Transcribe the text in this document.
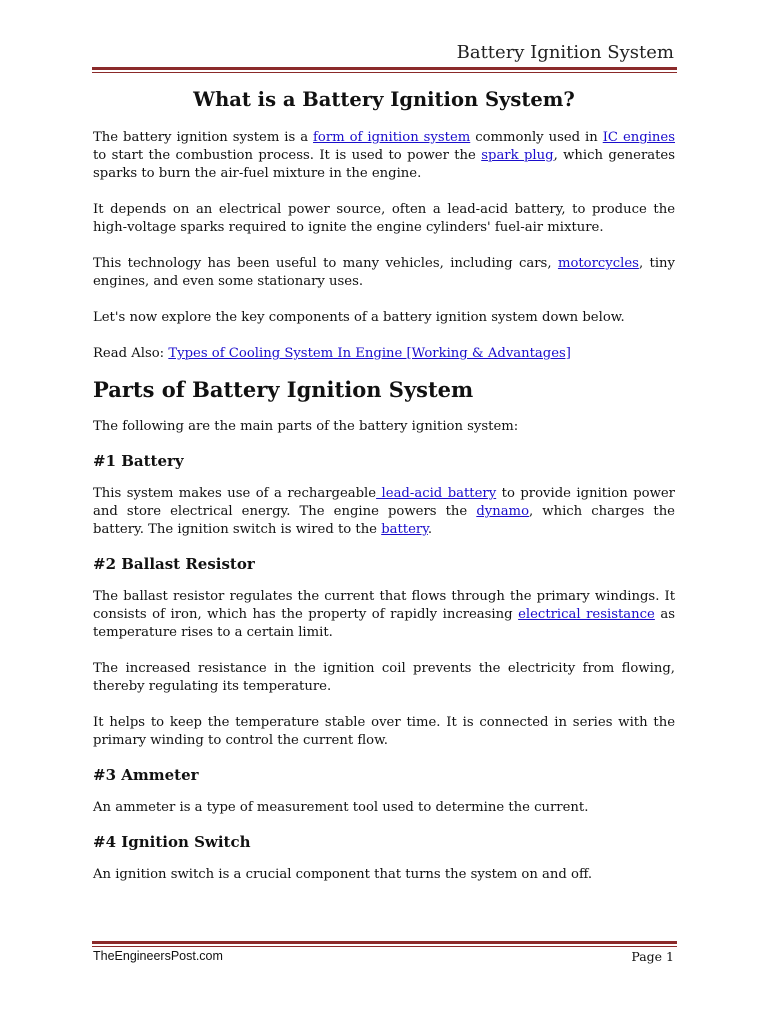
Battery Ignition System
What is a Battery Ignition System?

The battery ignition system is a form of ignition system commonly used in IC engines to start the combustion process. It is used to power the spark plug, which generates sparks to burn the air-fuel mixture in the engine.

It depends on an electrical power source, often a lead-acid battery, to produce the high-voltage sparks required to ignite the engine cylinders' fuel-air mixture.

This technology has been useful to many vehicles, including cars, motorcycles, tiny engines, and even some stationary uses.

Let's now explore the key components of a battery ignition system down below.

Read Also: Types of Cooling System In Engine [Working & Advantages]

Parts of Battery Ignition System

The following are the main parts of the battery ignition system:

#1 Battery

This system makes use of a rechargeable lead-acid battery to provide ignition power and store electrical energy. The engine powers the dynamo, which charges the battery. The ignition switch is wired to the battery.

#2 Ballast Resistor

The ballast resistor regulates the current that flows through the primary windings. It consists of iron, which has the property of rapidly increasing electrical resistance as temperature rises to a certain limit.

The increased resistance in the ignition coil prevents the electricity from flowing, thereby regulating its temperature.

It helps to keep the temperature stable over time. It is connected in series with the primary winding to control the current flow.

#3 Ammeter

An ammeter is a type of measurement tool used to determine the current.

#4 Ignition Switch

An ignition switch is a crucial component that turns the system on and off.

TheEngineersPost.com	Page 1
